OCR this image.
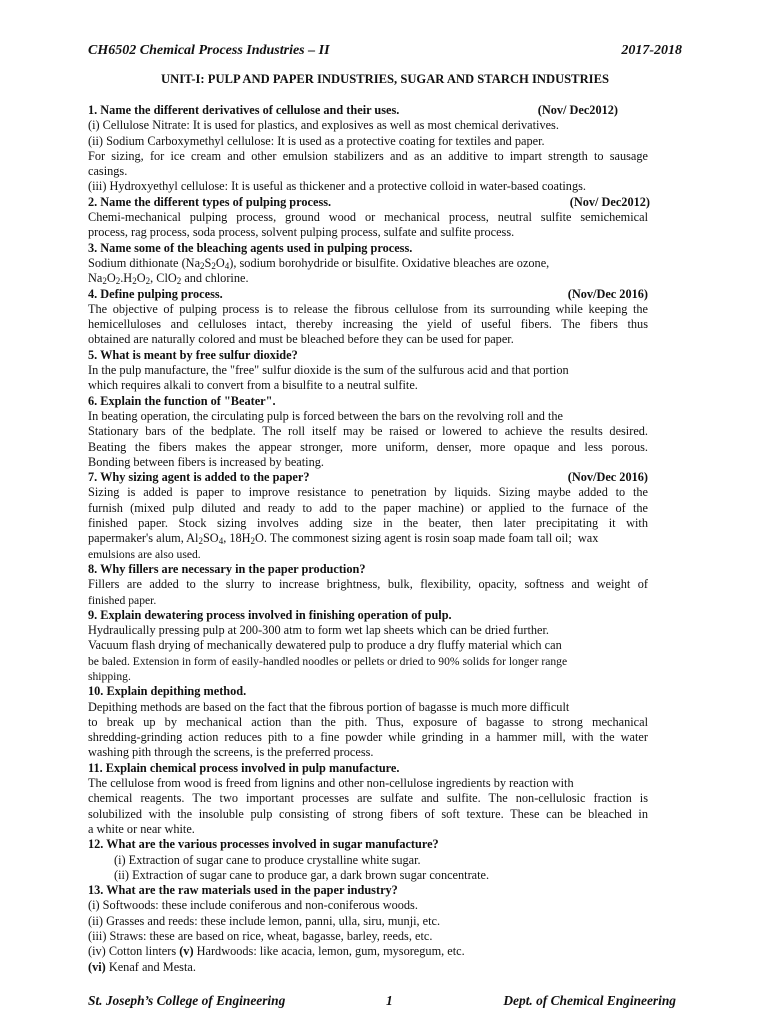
CH6502 Chemical Process Industries – II	2017-2018
UNIT-I: PULP AND PAPER INDUSTRIES, SUGAR AND STARCH INDUSTRIES
1. Name the different derivatives of cellulose and their uses.	(Nov/ Dec2012)
(i) Cellulose Nitrate: It is used for plastics, and explosives as well as most chemical derivatives.
(ii) Sodium Carboxymethyl cellulose: It is used as a protective coating for textiles and paper.
For sizing, for ice cream and other emulsion stabilizers and as an additive to impart strength to sausage
casings.
(iii) Hydroxyethyl cellulose: It is useful as thickener and a protective colloid in water-based coatings.
2. Name the different types of pulping process.	(Nov/ Dec2012)
Chemi-mechanical pulping process, ground wood or mechanical process, neutral sulfite semichemical
process, rag process, soda process, solvent pulping process, sulfate and sulfite process.
3. Name some of the bleaching agents used in pulping process.
Sodium dithionate $(Na_2S_2O_4)$, sodium borohydride or bisulfite. Oxidative bleaches are ozone,
$Na_2O_2.H_2O_2$, ClO$_2$ and chlorine.
4. Define pulping process.	(Nov/Dec 2016)
The objective of pulping process is to release the fibrous cellulose from its surrounding while keeping the
hemicelluloses and celluloses intact, thereby increasing the yield of useful fibers. The fibers thus
obtained are naturally colored and must be bleached before they can be used for paper.
5. What is meant by free sulfur dioxide?
In the pulp manufacture, the "free" sulfur dioxide is the sum of the sulfurous acid and that portion
which requires alkali to convert from a bisulfite to a neutral sulfite.
6. Explain the function of "Beater".
In beating operation, the circulating pulp is forced between the bars on the revolving roll and the
Stationary bars of the bedplate. The roll itself may be raised or lowered to achieve the results desired.
Beating the fibers makes the appear stronger, more uniform, denser, more opaque and less porous.
Bonding between fibers is increased by beating.
7. Why sizing agent is added to the paper?	(Nov/Dec 2016)
Sizing is added is paper to improve resistance to penetration by liquids. Sizing maybe added to the
furnish (mixed pulp diluted and ready to add to the paper machine) or applied to the furnace of the
finished paper. Stock sizing involves adding size in the beater, then later precipitating it with
papermaker's alum, $Al_2SO_4$, $18H_2O$. The commonest sizing agent is rosin soap made foam tall oil;  wax
emulsions are also used.
8. Why fillers are necessary in the paper production?
Fillers are added to the slurry to increase brightness, bulk, flexibility, opacity, softness and weight of
finished paper.
9. Explain dewatering process involved in finishing operation of pulp.
Hydraulically pressing pulp at 200-300 atm to form wet lap sheets which can be dried further.
Vacuum flash drying of mechanically dewatered pulp to produce a dry fluffy material which can
be baled. Extension in form of easily-handled noodles or pellets or dried to 90% solids for longer range
shipping.
10. Explain depithing method.
Depithing methods are based on the fact that the fibrous portion of bagasse is much more difficult
to break up by mechanical action than the pith. Thus, exposure of bagasse to strong mechanical
shredding-grinding action reduces pith to a fine powder while grinding in a hammer mill, with the water
washing pith through the screens, is the preferred process.
11. Explain chemical process involved in pulp manufacture.
The cellulose from wood is freed from lignins and other non-cellulose ingredients by reaction with
chemical reagents. The two important processes are sulfate and sulfite. The non-cellulosic fraction is
solubilized with the insoluble pulp consisting of strong fibers of soft texture. These can be bleached in
a white or near white.
12. What are the various processes involved in sugar manufacture?
(i) Extraction of sugar cane to produce crystalline white sugar.
(ii) Extraction of sugar cane to produce gar, a dark brown sugar concentrate.
13. What are the raw materials used in the paper industry?
(i) Softwoods: these include coniferous and non-coniferous woods.
(ii) Grasses and reeds: these include lemon, panni, ulla, siru, munji, etc.
(iii) Straws: these are based on rice, wheat, bagasse, barley, reeds, etc.
(iv) Cotton linters (v) Hardwoods: like acacia, lemon, gum, mysoregum, etc.
(vi) Kenaf and Mesta.
St. Joseph’s College of Engineering	1	Dept. of Chemical Engineering
